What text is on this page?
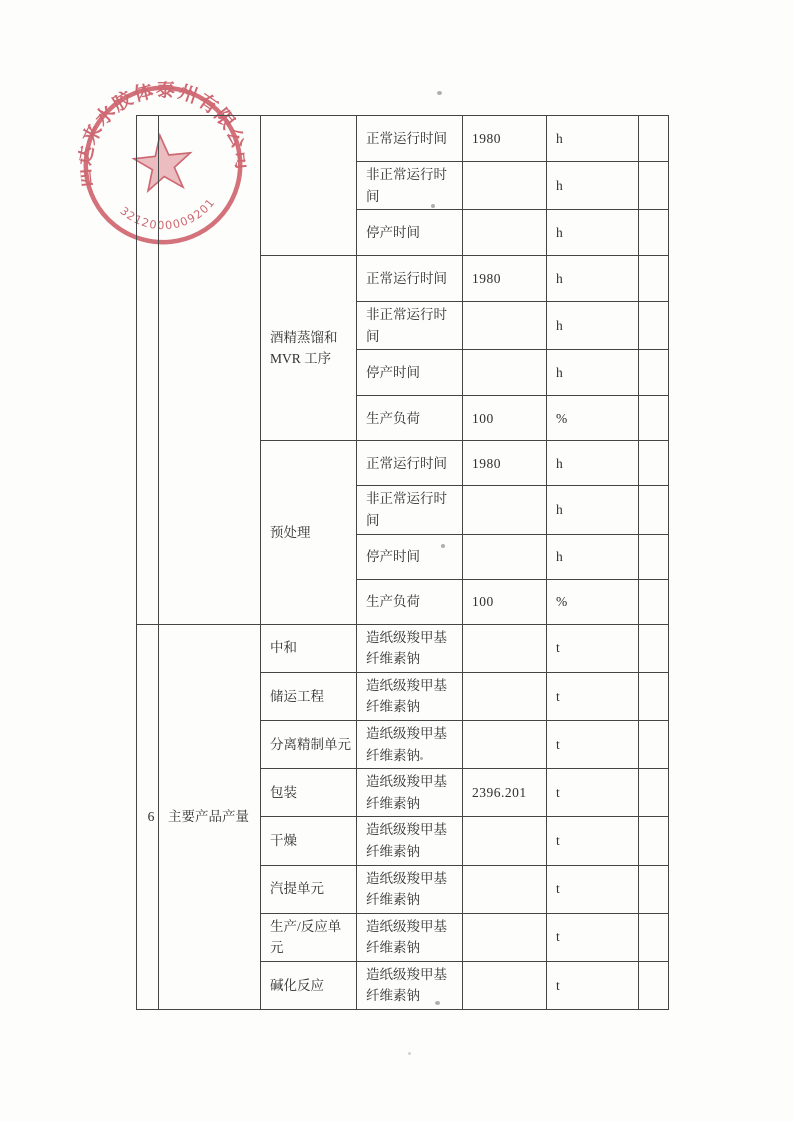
西达来水胶体泰州有限公司
3212000009201
			正常运行时间	1980	h	
			非正常运行时间		h	
			停产时间		h	
		酒精蒸馏和MVR 工序	正常运行时间	1980	h	
			非正常运行时间		h	
			停产时间		h	
			生产负荷	100	%	
		预处理	正常运行时间	1980	h	
			非正常运行时间		h	
			停产时间		h	
			生产负荷	100	%	
6	主要产品产量	中和	造纸级羧甲基纤维素钠		t	
		储运工程	造纸级羧甲基纤维素钠		t	
		分离精制单元	造纸级羧甲基纤维素钠		t	
		包装	造纸级羧甲基纤维素钠	2396.201	t	
		干燥	造纸级羧甲基纤维素钠		t	
		汽提单元	造纸级羧甲基纤维素钠		t	
		生产/反应单元	造纸级羧甲基纤维素钠		t	
		碱化反应	造纸级羧甲基纤维素钠		t	
